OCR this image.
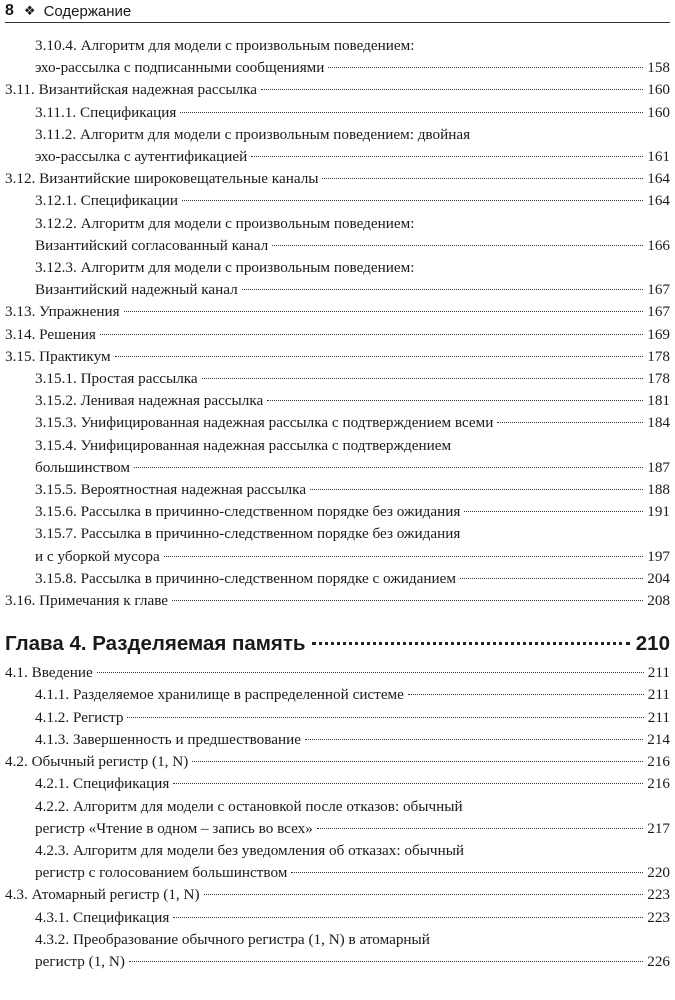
8 ❖ Содержание
3.10.4. Алгоритм для модели с произвольным поведением:
эхо-рассылка с подписанными сообщениями	158
3.11. Византийская надежная рассылка	160
3.11.1. Спецификация	160
3.11.2. Алгоритм для модели с произвольным поведением: двойная
эхо-рассылка с аутентификацией	161
3.12. Византийские широковещательные каналы	164
3.12.1. Спецификации	164
3.12.2. Алгоритм для модели с произвольным поведением:
Византийский согласованный канал	166
3.12.3. Алгоритм для модели с произвольным поведением:
Византийский надежный канал	167
3.13. Упражнения	167
3.14. Решения	169
3.15. Практикум	178
3.15.1. Простая рассылка	178
3.15.2. Ленивая надежная рассылка	181
3.15.3. Унифицированная надежная рассылка с подтверждением всеми	184
3.15.4. Унифицированная надежная рассылка с подтверждением
большинством	187
3.15.5. Вероятностная надежная рассылка	188
3.15.6. Рассылка в причинно-следственном порядке без ожидания	191
3.15.7. Рассылка в причинно-следственном порядке без ожидания
и с уборкой мусора	197
3.15.8. Рассылка в причинно-следственном порядке с ожиданием	204
3.16. Примечания к главе	208
Глава 4. Разделяемая память	210
4.1. Введение	211
4.1.1. Разделяемое хранилище в распределенной системе	211
4.1.2. Регистр	211
4.1.3. Завершенность и предшествование	214
4.2. Обычный регистр (1, N)	216
4.2.1. Спецификация	216
4.2.2. Алгоритм для модели с остановкой после отказов: обычный
регистр «Чтение в одном – запись во всех»	217
4.2.3. Алгоритм для модели без уведомления об отказах: обычный
регистр с голосованием большинством	220
4.3. Атомарный регистр (1, N)	223
4.3.1. Спецификация	223
4.3.2. Преобразование обычного регистра (1, N) в атомарный
регистр (1, N)	226
